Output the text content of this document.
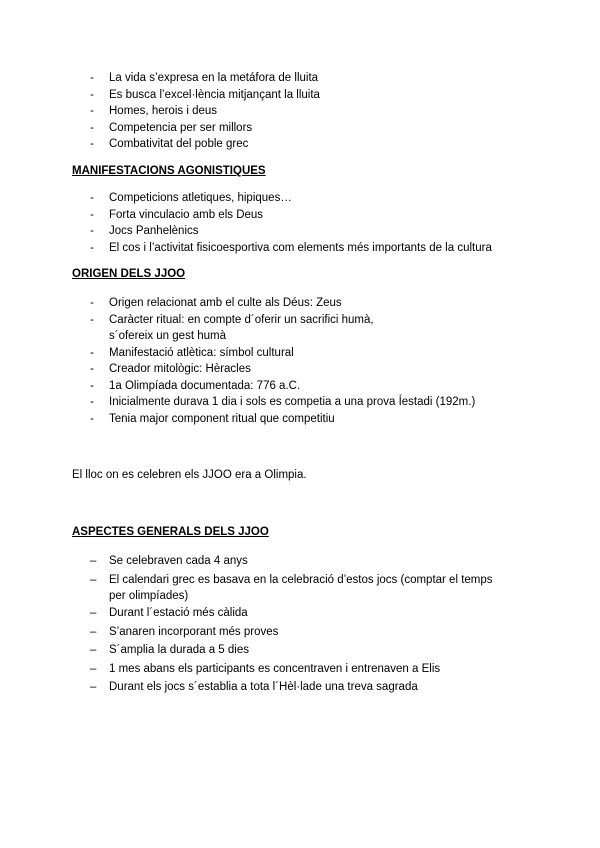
- La vida s’expresa en la metáfora de lluita
- Es busca l’excel·lència mitjançant la lluita
- Homes, herois i deus
- Competencia per ser millors
- Combativitat del poble grec
MANIFESTACIONS AGONISTIQUES
- Competicions atletiques, hipiques…
- Forta vinculacio amb els Deus
- Jocs Panhelènics
- El cos i l’activitat fisicoesportiva com elements més importants de la cultura
ORIGEN DELS JJOO
- Origen relacionat amb el culte als Déus: Zeus
- Caràcter ritual: en compte d´oferir un sacrifici humà,
s´ofereix un gest humà
- Manifestació atlètica: símbol cultural
- Creador mitològic: Hèracles
- 1a Olimpíada documentada: 776 a.C.
- Inicialmente durava 1 dia i sols es competia a una prova Íestadi (192m.)
- Tenia major component ritual que competitiu
El lloc on es celebren els JJOO era a Olimpia.
ASPECTES GENERALS DELS JJOO
– Se celebraven cada 4 anys
– El calendari grec es basava en la celebració d’estos jocs (comptar el temps
per olimpíades)
– Durant l´estació més càlida
– S’anaren incorporant més proves
– S´amplia la durada a 5 dies
– 1 mes abans els participants es concentraven i entrenaven a Elis
– Durant els jocs s´establia a tota l´Hèl·lade una treva sagrada
